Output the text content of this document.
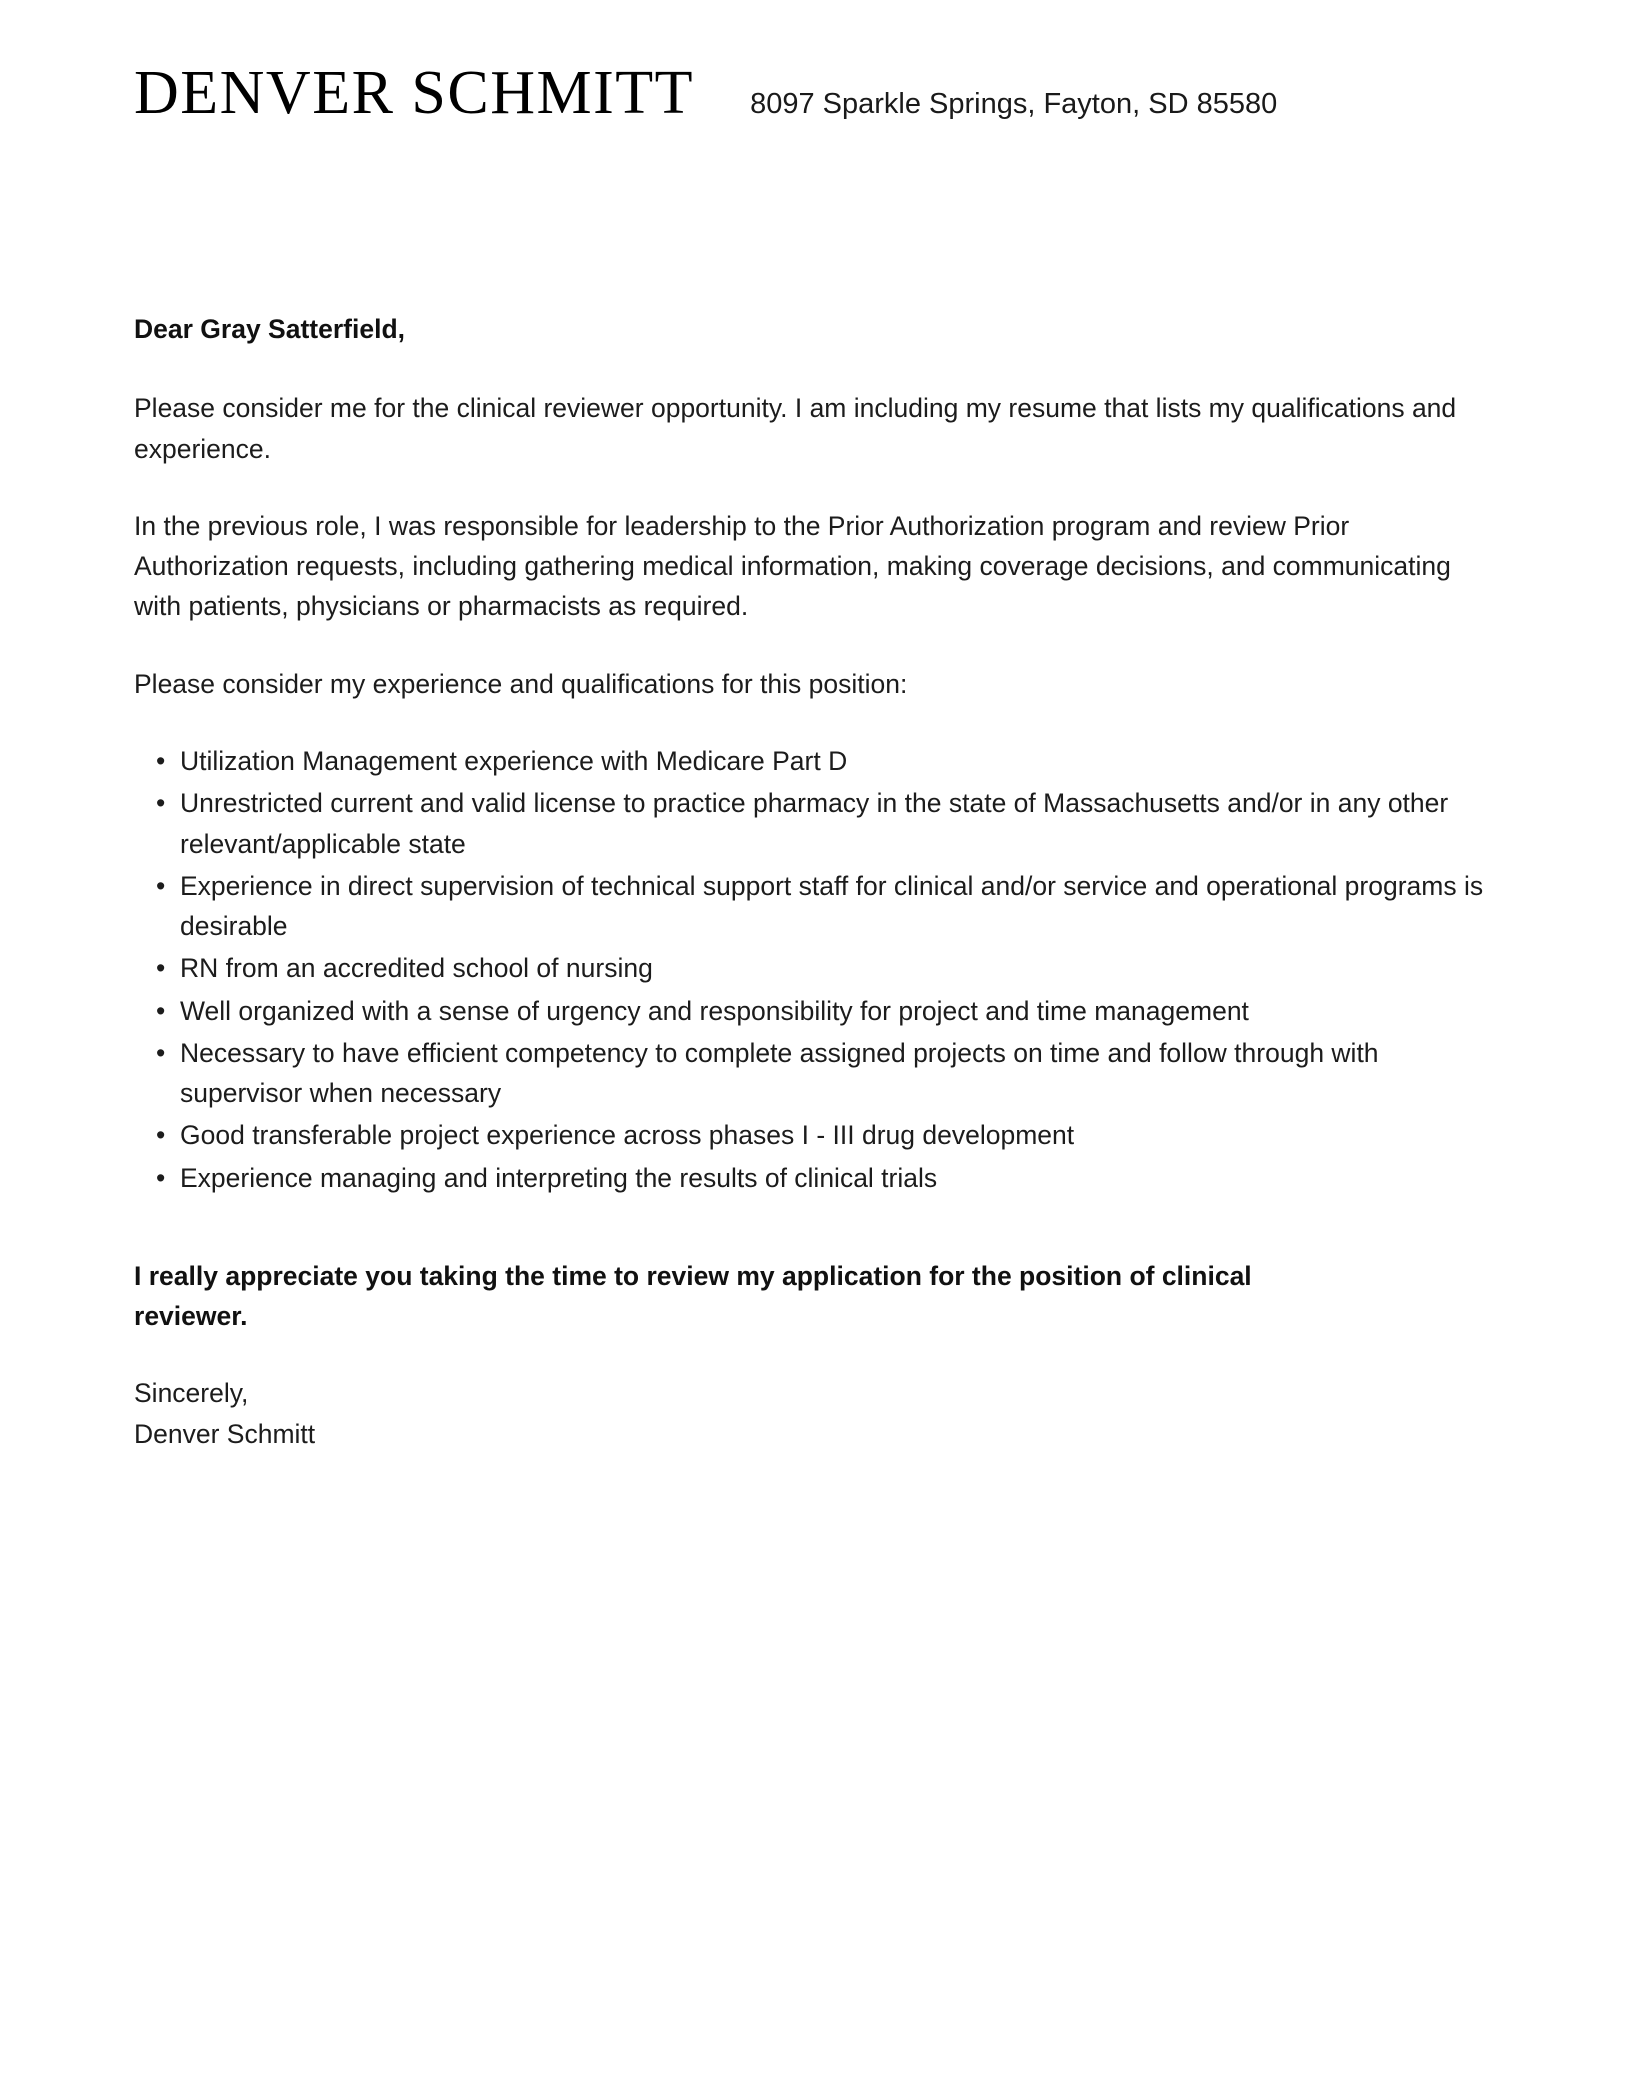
DENVER SCHMITT 8097 Sparkle Springs, Fayton, SD 85580

Dear Gray Satterfield,

Please consider me for the clinical reviewer opportunity. I am including my resume that lists my qualifications and experience.

In the previous role, I was responsible for leadership to the Prior Authorization program and review Prior Authorization requests, including gathering medical information, making coverage decisions, and communicating with patients, physicians or pharmacists as required.

Please consider my experience and qualifications for this position:

• Utilization Management experience with Medicare Part D
• Unrestricted current and valid license to practice pharmacy in the state of Massachusetts and/or in any other relevant/applicable state
• Experience in direct supervision of technical support staff for clinical and/or service and operational programs is desirable
• RN from an accredited school of nursing
• Well organized with a sense of urgency and responsibility for project and time management
• Necessary to have efficient competency to complete assigned projects on time and follow through with supervisor when necessary
• Good transferable project experience across phases I - III drug development
• Experience managing and interpreting the results of clinical trials

I really appreciate you taking the time to review my application for the position of clinical reviewer.

Sincerely,
Denver Schmitt
